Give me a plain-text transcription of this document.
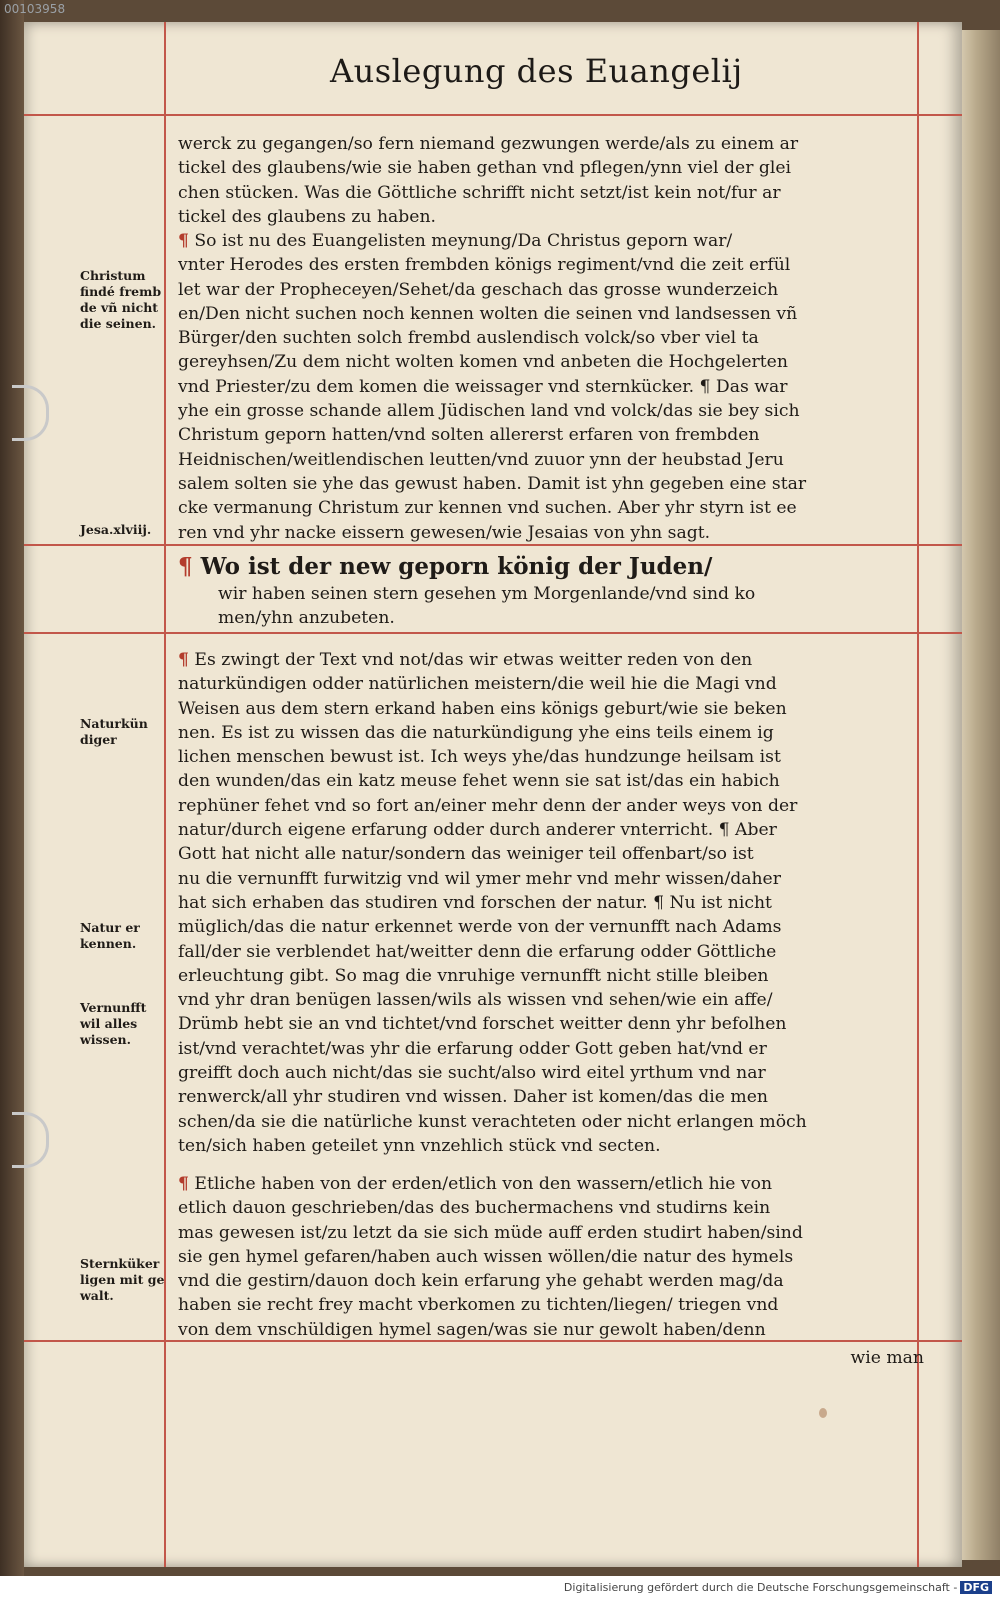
00103958
Auslegung des Euangelij
werck zu gegangen/so fern niemand gezwungen werde/als zu einem ar
tickel des glaubens/wie sie haben gethan vnd pflegen/ynn viel der glei
chen stücken. Was die Göttliche schrifft nicht setzt/ist kein not/fur ar
tickel des glaubens zu haben.
¶ So ist nu des Euangelisten meynung/Da Christus geporn war/
vnter Herodes des ersten frembden königs regiment/vnd die zeit erfül
let war der Propheceyen/Sehet/da geschach das grosse wunderzeich
en/Den nicht suchen noch kennen wolten die seinen vnd landsessen vñ
Bürger/den suchten solch frembd auslendisch volck/so vber viel ta
gereyhsen/Zu dem nicht wolten komen vnd anbeten die Hochgelerten
vnd Priester/zu dem komen die weissager vnd sternkücker. ¶ Das war
yhe ein grosse schande allem Jüdischen land vnd volck/das sie bey sich
Christum geporn hatten/vnd solten allererst erfaren von frembden
Heidnischen/weitlendischen leutten/vnd zuuor ynn der heubstad Jeru
salem solten sie yhe das gewust haben. Damit ist yhn gegeben eine star
cke vermanung Christum zur kennen vnd suchen. Aber yhr styrn ist ee
ren vnd yhr nacke eissern gewesen/wie Jesaias von yhn sagt.
¶ Wo ist der new geporn könig der Juden/
wir haben seinen stern gesehen ym Morgenlande/vnd sind ko
men/yhn anzubeten.
¶ Es zwingt der Text vnd not/das wir etwas weitter reden von den
naturkündigen odder natürlichen meistern/die weil hie die Magi vnd
Weisen aus dem stern erkand haben eins königs geburt/wie sie beken
nen. Es ist zu wissen das die naturkündigung yhe eins teils einem ig
lichen menschen bewust ist. Ich weys yhe/das hundzunge heilsam ist
den wunden/das ein katz meuse fehet wenn sie sat ist/das ein habich
rephüner fehet vnd so fort an/einer mehr denn der ander weys von der
natur/durch eigene erfarung odder durch anderer vnterricht. ¶ Aber
Gott hat nicht alle natur/sondern das weiniger teil offenbart/so ist
nu die vernunfft furwitzig vnd wil ymer mehr vnd mehr wissen/daher
hat sich erhaben das studiren vnd forschen der natur. ¶ Nu ist nicht
müglich/das die natur erkennet werde von der vernunfft nach Adams
fall/der sie verblendet hat/weitter denn die erfarung odder Göttliche
erleuchtung gibt. So mag die vnruhige vernunfft nicht stille bleiben
vnd yhr dran benügen lassen/wils als wissen vnd sehen/wie ein affe/
Drümb hebt sie an vnd tichtet/vnd forschet weitter denn yhr befolhen
ist/vnd verachtet/was yhr die erfarung odder Gott geben hat/vnd er
greifft doch auch nicht/das sie sucht/also wird eitel yrthum vnd nar
renwerck/all yhr studiren vnd wissen. Daher ist komen/das die men
schen/da sie die natürliche kunst verachteten oder nicht erlangen möch
ten/sich haben geteilet ynn vnzehlich stück vnd secten.
¶ Etliche haben von der erden/etlich von den wassern/etlich hie von
etlich dauon geschrieben/das des buchermachens vnd studirns kein
mas gewesen ist/zu letzt da sie sich müde auff erden studirt haben/sind
sie gen hymel gefaren/haben auch wissen wöllen/die natur des hymels
vnd die gestirn/dauon doch kein erfarung yhe gehabt werden mag/da
haben sie recht frey macht vberkomen zu tichten/liegen/ triegen vnd
von dem vnschüldigen hymel sagen/was sie nur gewolt haben/denn
wie man
Christum findé fremb de vñ nicht die seinen.
Jesa.xlviij.
Naturkün diger
Natur er kennen.
Vernunfft wil alles wissen.
Sternküker ligen mit ge walt.
Digitalisierung gefördert durch die Deutsche Forschungsgemeinschaft - DFG
